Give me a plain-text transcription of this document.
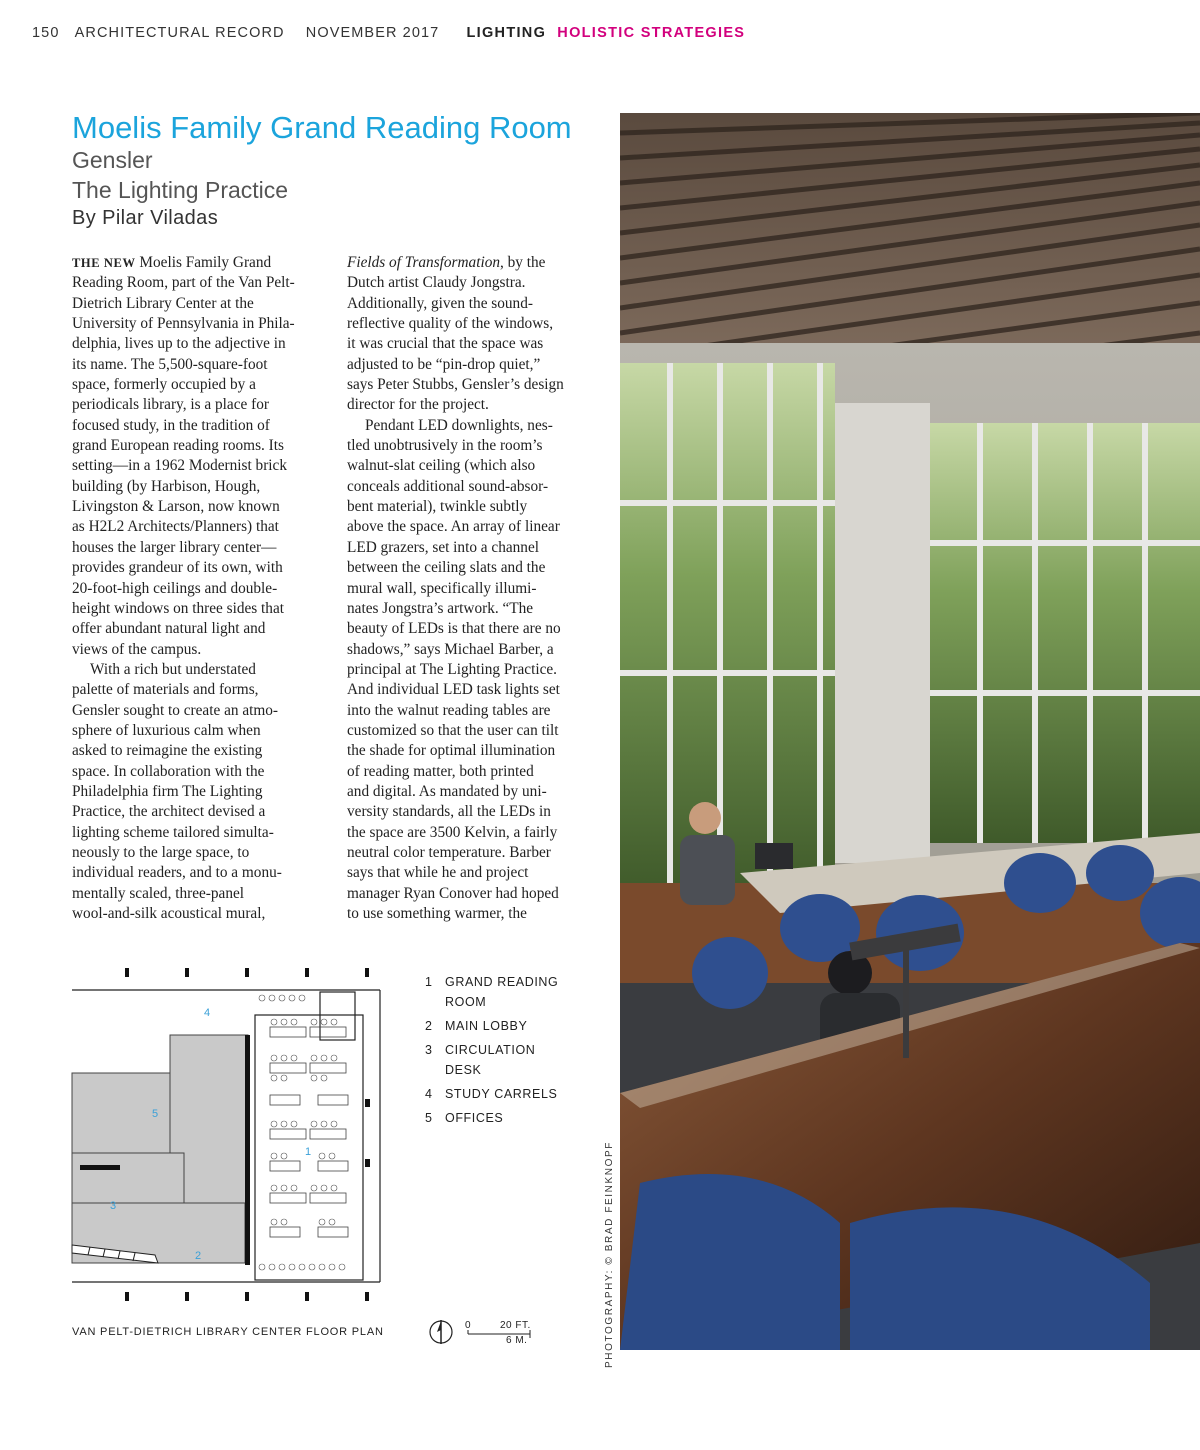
150 ARCHITECTURAL RECORD NOVEMBER 2017 LIGHTING HOLISTIC STRATEGIES
Moelis Family Grand Reading Room
Gensler
The Lighting Practice
By Pilar Viladas
THE NEW Moelis Family Grand
Reading Room, part of the Van Pelt-
Dietrich Library Center at the
University of Pennsylvania in Phila-
delphia, lives up to the adjective in
its name. The 5,500-square-foot
space, formerly occupied by a
periodicals library, is a place for
focused study, in the tradition of
grand European reading rooms. Its
setting—in a 1962 Modernist brick
building (by Harbison, Hough,
Livingston & Larson, now known
as H2L2 Architects/Planners) that
houses the larger library center—
provides grandeur of its own, with
20-foot-high ceilings and double-
height windows on three sides that
offer abundant natural light and
views of the campus.
With a rich but understated
palette of materials and forms,
Gensler sought to create an atmo-
sphere of luxurious calm when
asked to reimagine the existing
space. In collaboration with the
Philadelphia firm The Lighting
Practice, the architect devised a
lighting scheme tailored simulta-
neously to the large space, to
individual readers, and to a monu-
mentally scaled, three-panel
wool-and-silk acoustical mural,
Fields of Transformation, by the
Dutch artist Claudy Jongstra.
Additionally, given the sound-
reflective quality of the windows,
it was crucial that the space was
adjusted to be “pin-drop quiet,”
says Peter Stubbs, Gensler’s design
director for the project.
Pendant LED downlights, nes-
tled unobtrusively in the room’s
walnut-slat ceiling (which also
conceals additional sound-absor-
bent material), twinkle subtly
above the space. An array of linear
LED grazers, set into a channel
between the ceiling slats and the
mural wall, specifically illumi-
nates Jongstra’s artwork. “The
beauty of LEDs is that there are no
shadows,” says Michael Barber, a
principal at The Lighting Practice.
And individual LED task lights set
into the walnut reading tables are
customized so that the user can tilt
the shade for optimal illumination
of reading matter, both printed
and digital. As mandated by uni-
versity standards, all the LEDs in
the space are 3500 Kelvin, a fairly
neutral color temperature. Barber
says that while he and project
manager Ryan Conover had hoped
to use something warmer, the
PHOTOGRAPHY: © BRAD FEINKNOPF
1
2
3
4
5
VAN PELT-DIETRICH LIBRARY CENTER FLOOR PLAN
1 GRAND READING ROOM
2 MAIN LOBBY
3 CIRCULATION DESK
4 STUDY CARRELS
5 OFFICES
0	20 FT.
6 M.
